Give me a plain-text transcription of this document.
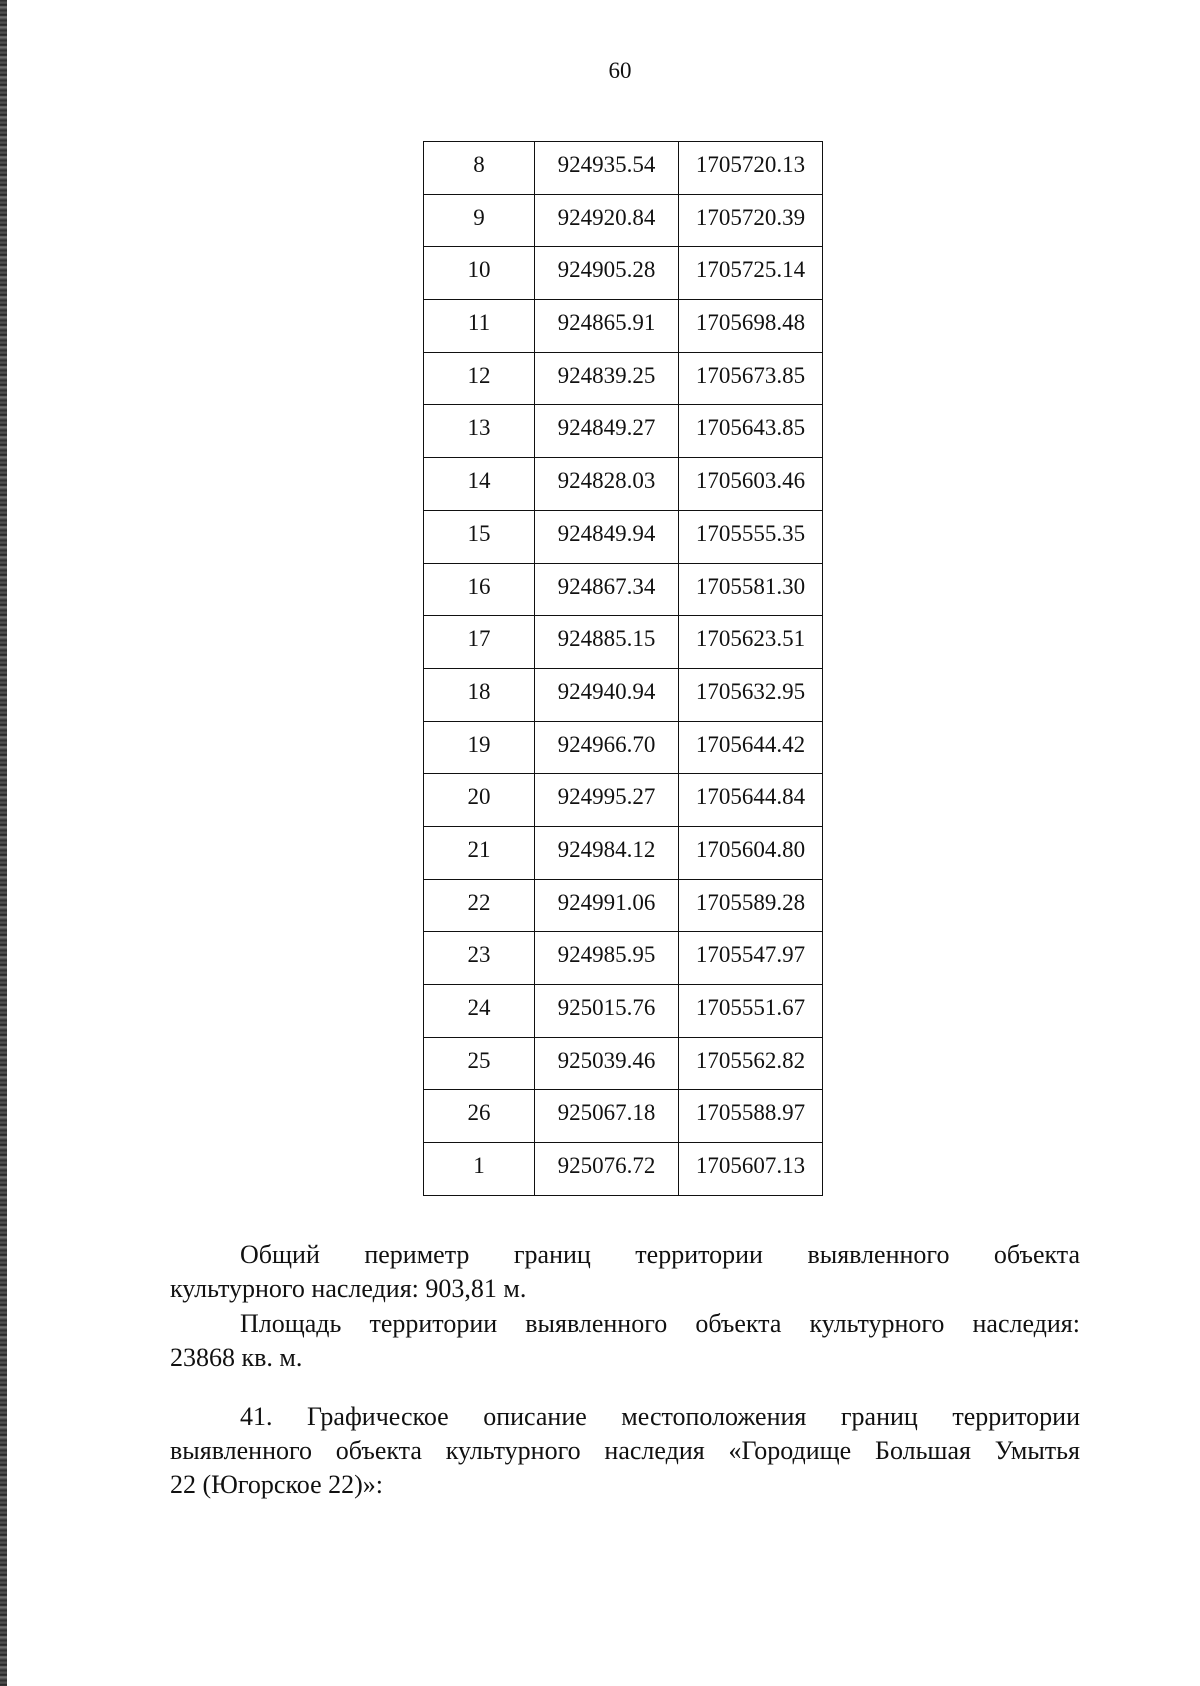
60
8	924935.54	1705720.13

9	924920.84	1705720.39

10	924905.28	1705725.14

11	924865.91	1705698.48

12	924839.25	1705673.85

13	924849.27	1705643.85

14	924828.03	1705603.46

15	924849.94	1705555.35

16	924867.34	1705581.30

17	924885.15	1705623.51

18	924940.94	1705632.95

19	924966.70	1705644.42

20	924995.27	1705644.84

21	924984.12	1705604.80

22	924991.06	1705589.28

23	924985.95	1705547.97

24	925015.76	1705551.67

25	925039.46	1705562.82

26	925067.18	1705588.97

1	925076.72	1705607.13
Общий периметр границ территории выявленного объекта
культурного наследия: 903,81 м.
Площадь территории выявленного объекта культурного наследия:
23868 кв. м.
41. Графическое описание местоположения границ территории
выявленного объекта культурного наследия «Городище Большая Умытья
22 (Югорское 22)»:
